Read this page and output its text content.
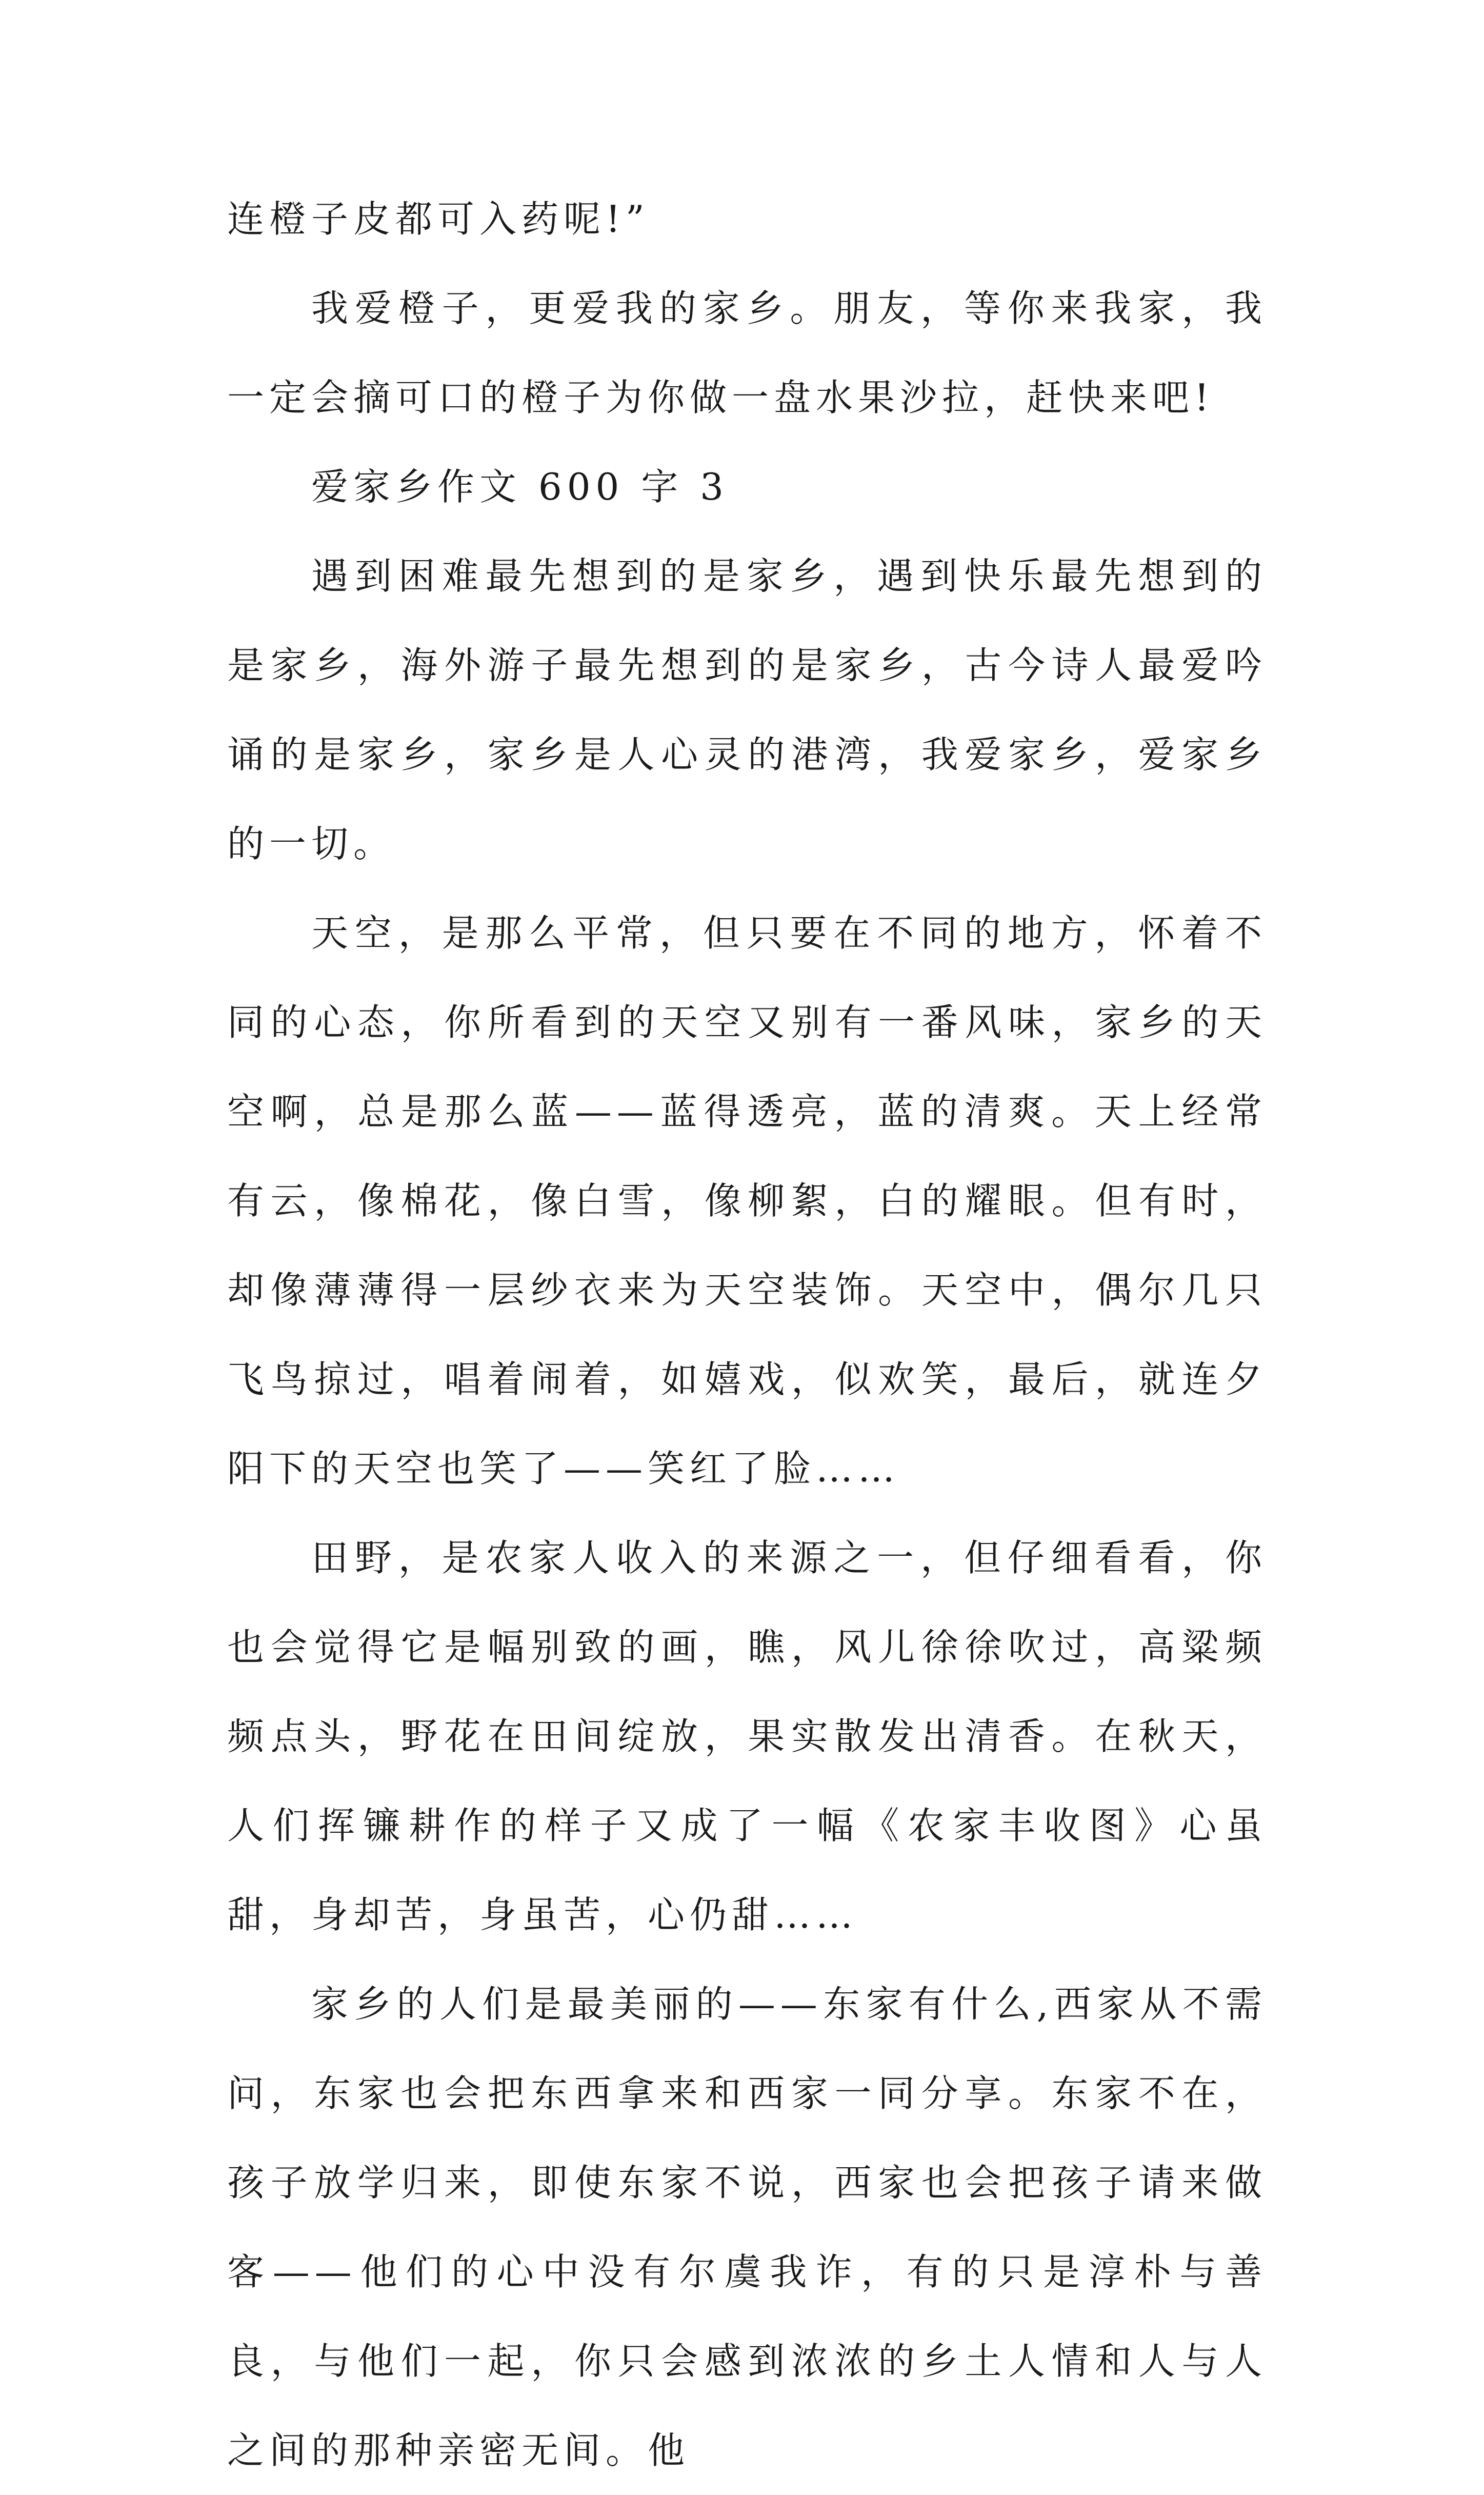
连橙子皮都可入药呢!”

我爱橙子，更爱我的家乡。朋友，等你来我家，我一定会摘可口的橙子为你做一盘水果沙拉，赶快来吧!

爱家乡作文 600 字 3

遇到困难最先想到的是家乡，遇到快乐最先想到的是家乡，海外游子最先想到的是家乡，古今诗人最爱吟诵的是家乡，家乡是人心灵的港湾，我爱家乡，爱家乡的一切。

天空，是那么平常，但只要在不同的地方，怀着不同的心态，你所看到的天空又别有一番风味，家乡的天空啊，总是那么蓝——蓝得透亮，蓝的清爽。天上经常有云，像棉花，像白雪，像柳絮，白的耀眼。但有时，却像薄薄得一层纱衣来为天空装饰。天空中，偶尔几只飞鸟掠过，唱着闹着，如嬉戏，似欢笑，最后，就连夕阳下的天空也笑了——笑红了脸……

田野，是农家人收入的来源之一，但仔细看看，你也会觉得它是幅别致的画，瞧，风儿徐徐吹过，高粱频频点头，野花在田间绽放，果实散发出清香。在秋天，人们挥镰耕作的样子又成了一幅《农家丰收图》心虽甜，身却苦，身虽苦，心仍甜……

家乡的人们是最美丽的——东家有什么,西家从不需问，东家也会把东西拿来和西家一同分享。东家不在，孩子放学归来，即使东家不说，西家也会把孩子请来做客——他们的心中没有尔虞我诈，有的只是淳朴与善良，与他们一起，你只会感到浓浓的乡土人情和人与人之间的那种亲密无间。他
